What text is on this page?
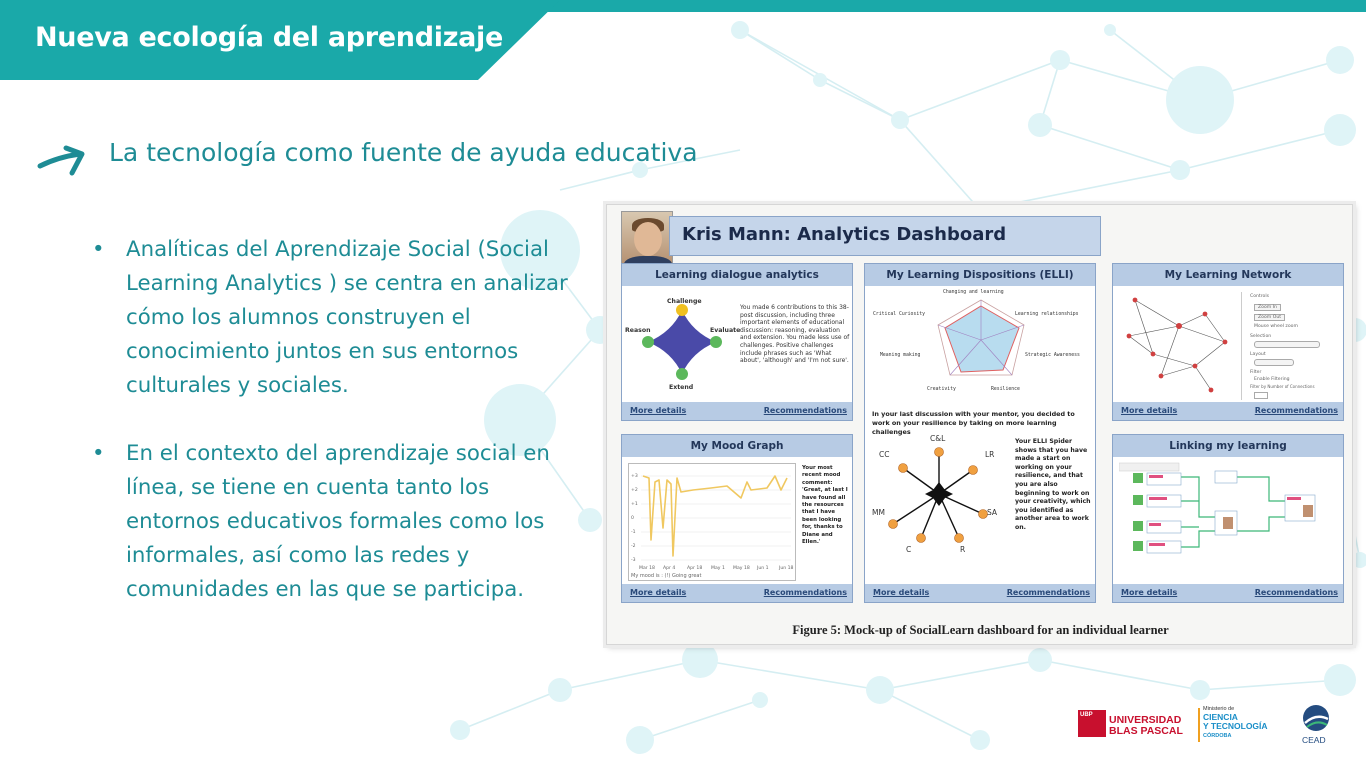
Nueva ecología del aprendizaje
La tecnología como fuente de ayuda educativa
• Analíticas del Aprendizaje Social (Social Learning Analytics ) se centra en analizar cómo los alumnos construyen el conocimiento juntos en sus entornos culturales y sociales.
• En el contexto del aprendizaje social en línea, se tiene en cuenta tanto los entornos educativos formales como los informales, así como las redes y comunidades en las que se participa.
Kris Mann: Analytics Dashboard
Learning dialogue analytics
Challenge
Reason	Evaluate
Extend
You made 6 contributions to this 38-post discussion, including three important elements of educational discussion: reasoning, evaluation and extension. You made less use of challenges. Positive challenges include phrases such as 'What about', 'although' and 'I'm not sure'.
More details	Recommendations
My Learning Dispositions (ELLI)
Changing and learning
Learning relationships
Strategic Awareness
Resilience
Creativity
Meaning making
Critical Curiosity
In your last discussion with your mentor, you decided to work on your resilience by taking on more learning challenges
C&L
LR
SA
R
C
MM
CC
Your ELLI Spider shows that you have made a start on working on your resilience, and that you are also beginning to work on your creativity, which you identified as another area to work on.
More details	Recommendations
My Learning Network
Controls
Zoom In
Zoom Out
Mouse wheel zoom
Selection
Layout
Filter
Enable Filtering
Filter by Number of Connections
More details	Recommendations
My Mood Graph
+3
+2
+1
0
-1
-2
-3
Mar 18 Apr 4	Apr 18 May 1 May 18 Jun 1 Jun 18
My mood is : (!) Going great
Your most recent mood comment: 'Great, at last I have found all the resources that I have been looking for, thanks to Diane and Ellen.'
More details	Recommendations
Linking my learning
More details	Recommendations
Figure 5: Mock-up of SocialLearn dashboard for an individual learner
UBP	UNIVERSIDAD
BLAS PASCAL
Ministerio de
CIENCIA
Y TECNOLOGÍA
CÓRDOBA	CEAD
